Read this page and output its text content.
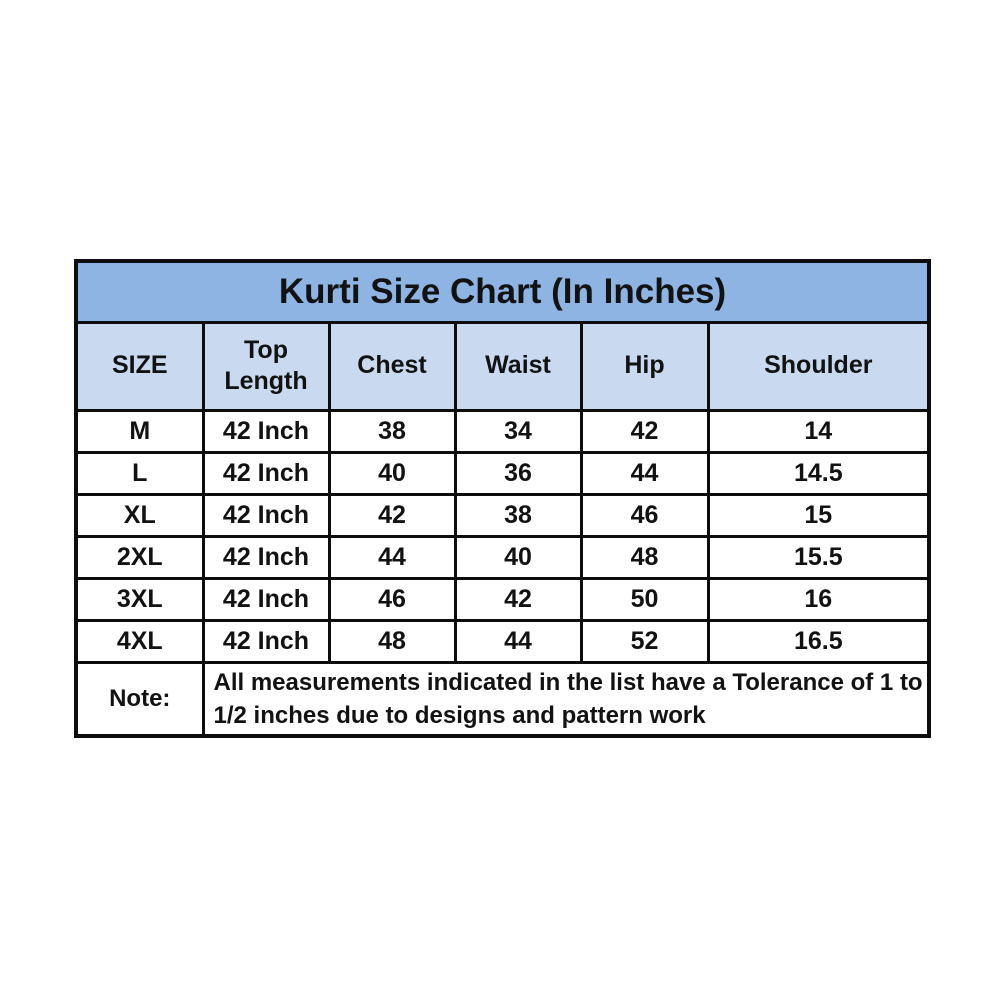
Kurti Size Chart (In Inches)					
SIZE	Top Length	Chest	Waist	Hip	Shoulder
M	42 Inch	38	34	42	14
L	42 Inch	40	36	44	14.5
XL	42 Inch	42	38	46	15
2XL	42 Inch	44	40	48	15.5
3XL	42 Inch	46	42	50	16
4XL	42 Inch	48	44	52	16.5
Note:	All measurements indicated in the list have a Tolerance of 1 to 1/2 inches due to designs and pattern work				
